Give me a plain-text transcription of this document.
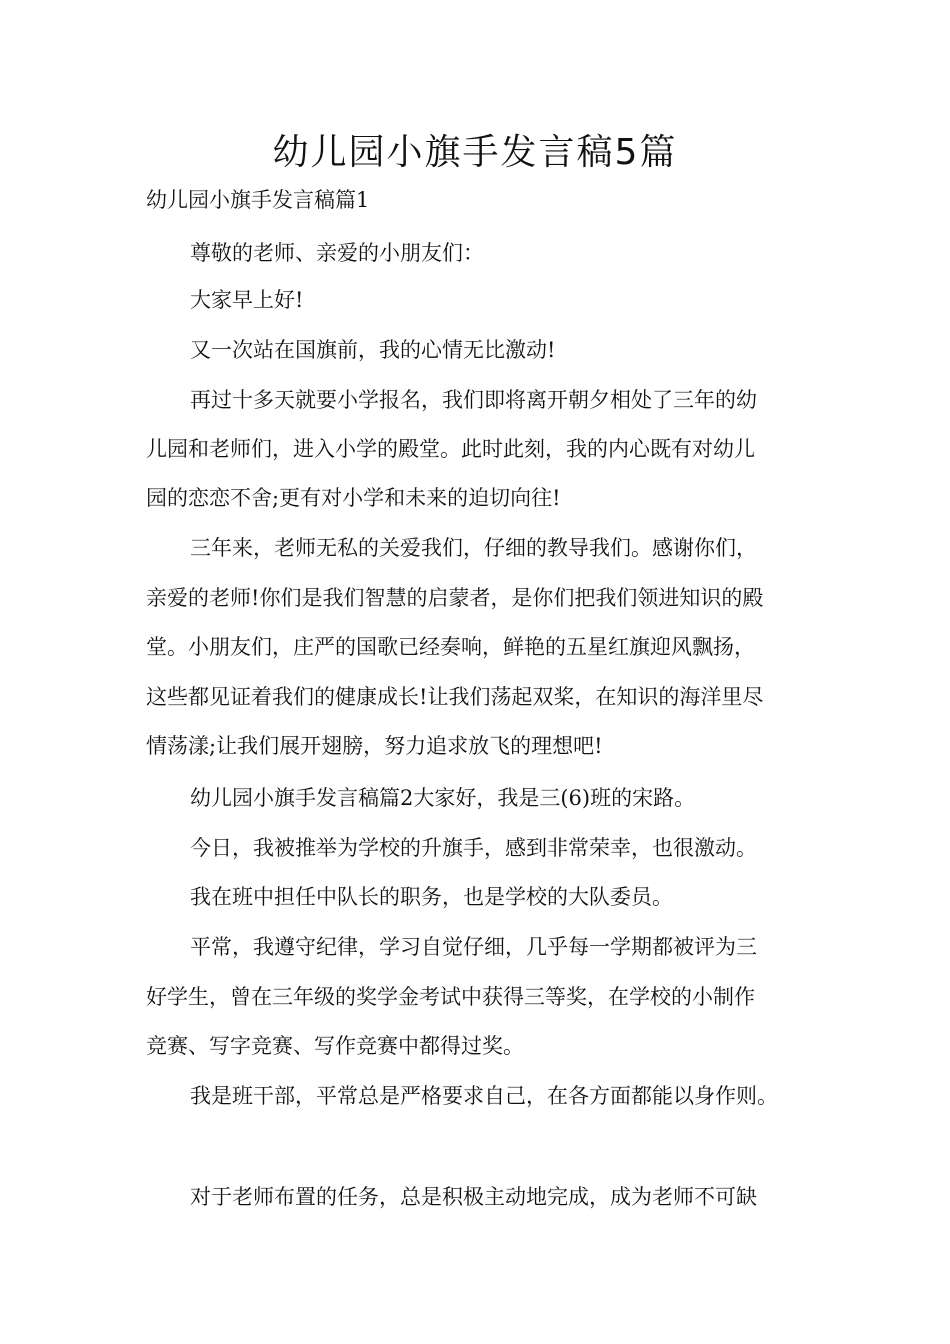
幼儿园小旗手发言稿5篇

幼儿园小旗手发言稿篇1

尊敬的老师、亲爱的小朋友们：

大家早上好!

又一次站在国旗前，我的心情无比激动!

再过十多天就要小学报名，我们即将离开朝夕相处了三年的幼

儿园和老师们，进入小学的殿堂。此时此刻，我的内心既有对幼儿

园的恋恋不舍;更有对小学和未来的迫切向往!

三年来，老师无私的关爱我们，仔细的教导我们。感谢你们，

亲爱的老师!你们是我们智慧的启蒙者，是你们把我们领进知识的殿

堂。小朋友们，庄严的国歌已经奏响，鲜艳的五星红旗迎风飘扬，

这些都见证着我们的健康成长!让我们荡起双桨，在知识的海洋里尽

情荡漾;让我们展开翅膀，努力追求放飞的理想吧!

幼儿园小旗手发言稿篇2大家好，我是三(6)班的宋路。

今日，我被推举为学校的升旗手，感到非常荣幸，也很激动。

我在班中担任中队长的职务，也是学校的大队委员。

平常，我遵守纪律，学习自觉仔细，几乎每一学期都被评为三

好学生，曾在三年级的奖学金考试中获得三等奖，在学校的小制作

竞赛、写字竞赛、写作竞赛中都得过奖。

我是班干部，平常总是严格要求自己，在各方面都能以身作则。

对于老师布置的任务，总是积极主动地完成，成为老师不可缺
